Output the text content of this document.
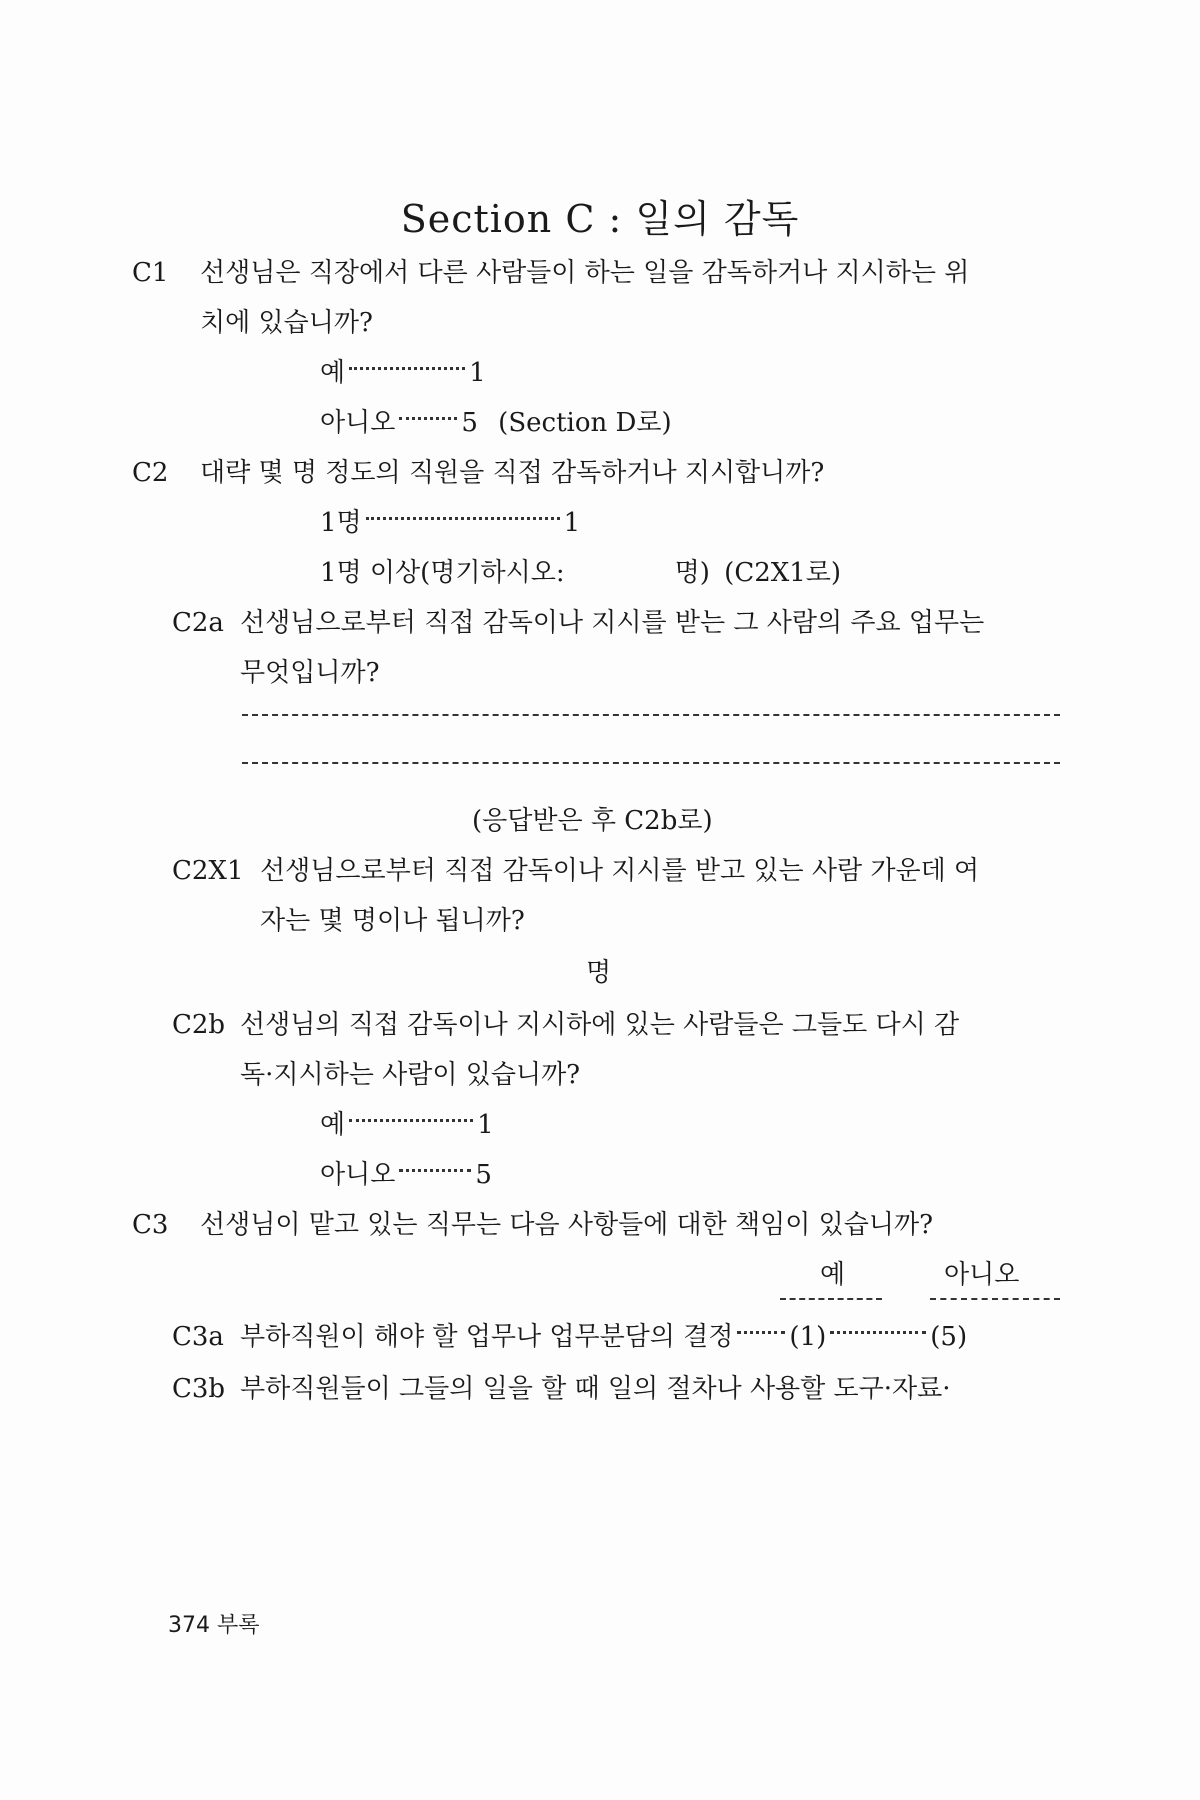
Section C : 일의 감독
C1 선생님은 직장에서 다른 사람들이 하는 일을 감독하거나 지시하는 위
치에 있습니까?
예	1
아니오	5 (Section D로)
C2 대략 몇 명 정도의 직원을 직접 감독하거나 지시합니까?
1명	1
1명 이상(명기하시오:	명) (C2X1로)
C2a 선생님으로부터 직접 감독이나 지시를 받는 그 사람의 주요 업무는
무엇입니까?
(응답받은 후 C2b로)
C2X1 선생님으로부터 직접 감독이나 지시를 받고 있는 사람 가운데 여
자는 몇 명이나 됩니까?
명
C2b 선생님의 직접 감독이나 지시하에 있는 사람들은 그들도 다시 감
독·지시하는 사람이 있습니까?
예	1
아니오	5
C3 선생님이 맡고 있는 직무는 다음 사항들에 대한 책임이 있습니까?
예	아니오
C3a 부하직원이 해야 할 업무나 업무분담의 결정 (1)	(5)
C3b 부하직원들이 그들의 일을 할 때 일의 절차나 사용할 도구·자료·
374 부록
